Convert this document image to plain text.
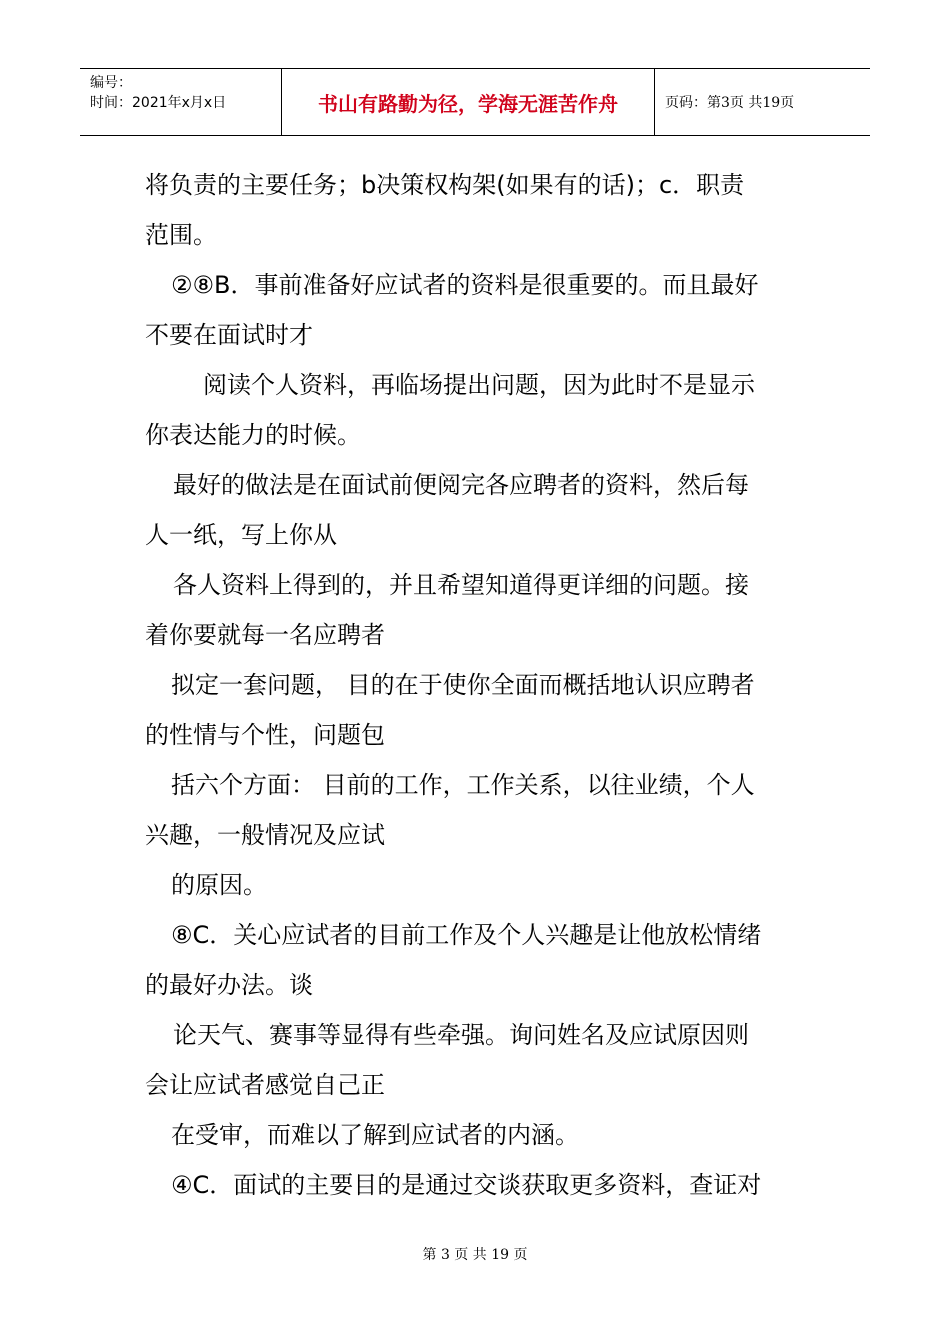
编号：
时间：2021年x月x日	书山有路勤为径，学海无涯苦作舟	页码：第3页 共19页
将负责的主要任务；b决策权构架(如果有的话)；c．职责
范围。
②⑧B．事前准备好应试者的资料是很重要的。而且最好
不要在面试时才
阅读个人资料，再临场提出问题，因为此时不是显示
你表达能力的时候。
最好的做法是在面试前便阅完各应聘者的资料，然后每
人一纸，写上你从
各人资料上得到的，并且希望知道得更详细的问题。接
着你要就每一名应聘者
拟定一套问题， 目的在于使你全面而概括地认识应聘者
的性情与个性，问题包
括六个方面： 目前的工作，工作关系，以往业绩，个人
兴趣，一般情况及应试
的原因。
⑧C．关心应试者的目前工作及个人兴趣是让他放松情绪
的最好办法。谈
论天气、赛事等显得有些牵强。询问姓名及应试原因则
会让应试者感觉自己正
在受审，而难以了解到应试者的内涵。
④C．面试的主要目的是通过交谈获取更多资料，查证对
第 3 页 共 19 页
